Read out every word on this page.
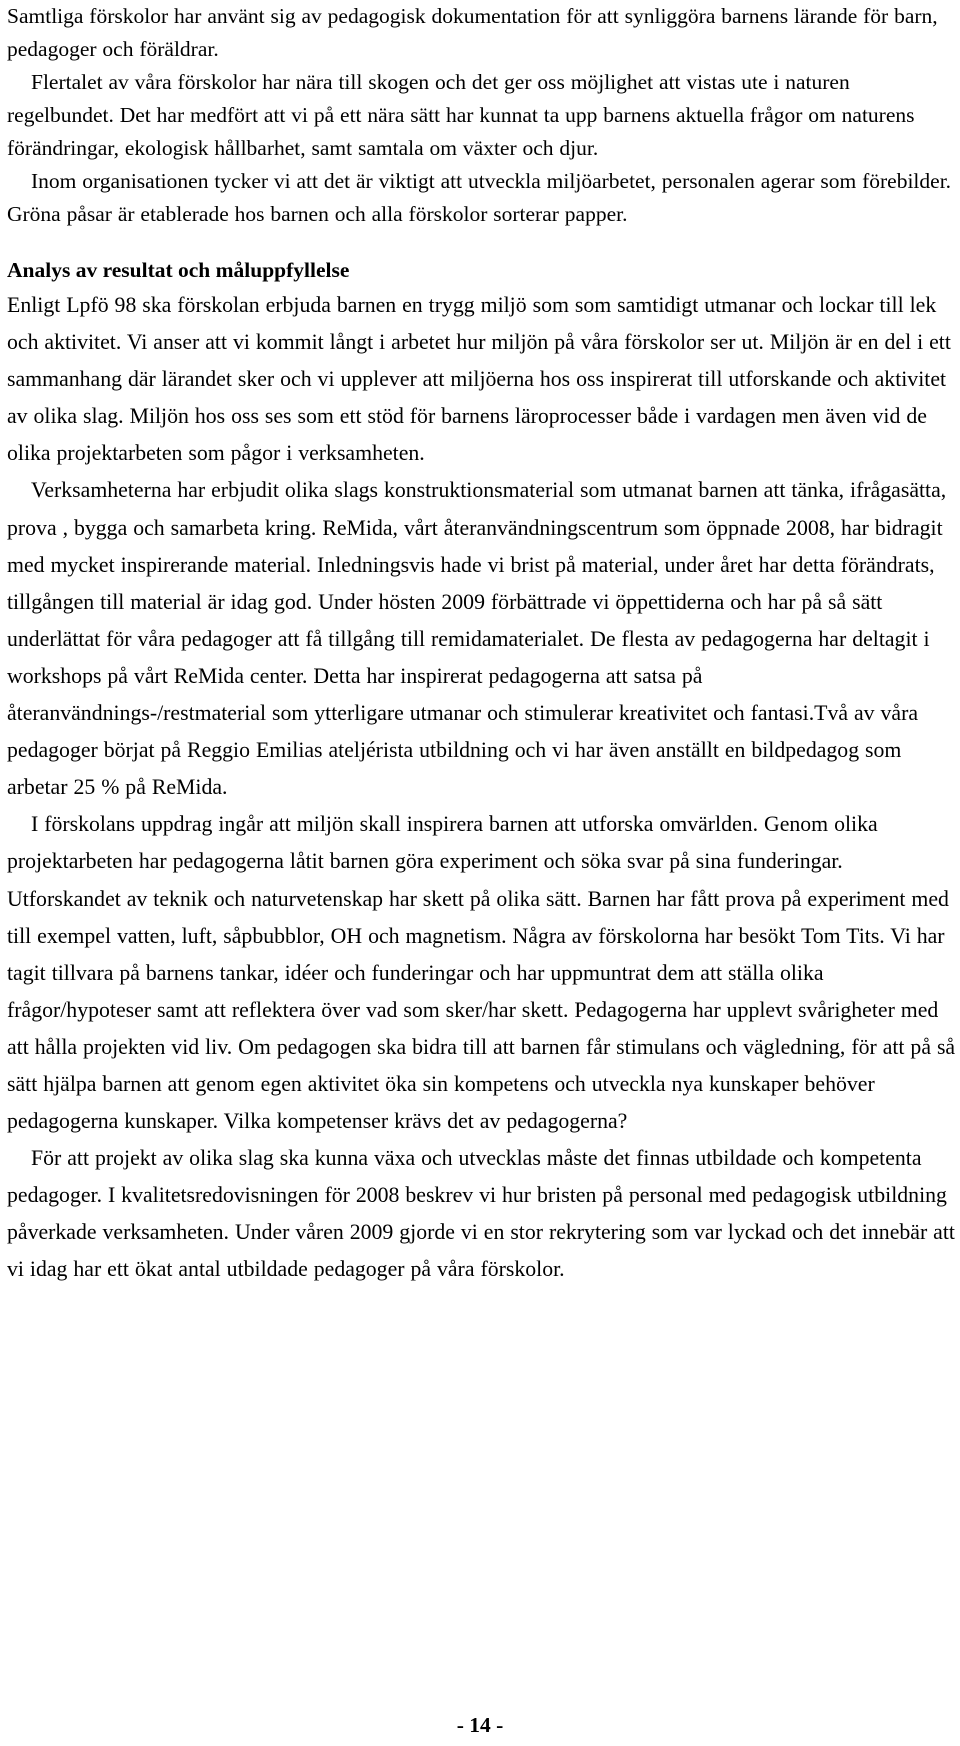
Samtliga förskolor har använt sig av pedagogisk dokumentation för att synliggöra barnens lärande för barn, pedagoger och föräldrar.

Flertalet av våra förskolor har nära till skogen och det ger oss möjlighet att vistas ute i naturen regelbundet. Det har medfört att vi på ett nära sätt har kunnat ta upp barnens aktuella frågor om naturens förändringar, ekologisk hållbarhet, samt samtala om växter och djur.

Inom organisationen tycker vi att det är viktigt att utveckla miljöarbetet, personalen agerar som förebilder. Gröna påsar är etablerade hos barnen och alla förskolor sorterar papper.

Analys av resultat och måluppfyllelse

Enligt Lpfö 98 ska förskolan erbjuda barnen en trygg miljö som som samtidigt utmanar och lockar till lek och aktivitet. Vi anser att vi kommit långt i arbetet hur miljön på våra förskolor ser ut. Miljön är en del i ett sammanhang där lärandet sker och vi upplever att miljöerna hos oss inspirerat till utforskande och aktivitet av olika slag. Miljön hos oss ses som ett stöd för barnens läroprocesser både i vardagen men även vid de olika projektarbeten som pågor i verksamheten.

Verksamheterna har erbjudit olika slags konstruktionsmaterial som utmanat barnen att tänka, ifrågasätta, prova , bygga och samarbeta kring. ReMida, vårt återanvändningscentrum som öppnade 2008, har bidragit med mycket inspirerande material. Inledningsvis hade vi brist på material, under året har detta förändrats, tillgången till material är idag god. Under hösten 2009 förbättrade vi öppettiderna och har på så sätt underlättat för våra pedagoger att få tillgång till remidamaterialet. De flesta av pedagogerna har deltagit i workshops på vårt ReMida center. Detta har inspirerat pedagogerna att satsa på återanvändnings-/restmaterial som ytterligare utmanar och stimulerar kreativitet och fantasi.Två av våra pedagoger börjat på Reggio Emilias ateljérista utbildning och vi har även anställt en bildpedagog som arbetar 25 % på ReMida.

I förskolans uppdrag ingår att miljön skall inspirera barnen att utforska omvärlden. Genom olika projektarbeten har pedagogerna låtit barnen göra experiment och söka svar på sina funderingar. Utforskandet av teknik och naturvetenskap har skett på olika sätt. Barnen har fått prova på experiment med till exempel vatten, luft, såpbubblor, OH och magnetism. Några av förskolorna har besökt Tom Tits. Vi har tagit tillvara på barnens tankar, idéer och funderingar och har uppmuntrat dem att ställa olika frågor/hypoteser samt att reflektera över vad som sker/har skett. Pedagogerna har upplevt svårigheter med att hålla projekten vid liv. Om pedagogen ska bidra till att barnen får stimulans och vägledning, för att på så sätt hjälpa barnen att genom egen aktivitet öka sin kompetens och utveckla nya kunskaper behöver pedagogerna kunskaper. Vilka kompetenser krävs det av pedagogerna?

För att projekt av olika slag ska kunna växa och utvecklas måste det finnas utbildade och kompetenta pedagoger. I kvalitetsredovisningen för 2008 beskrev vi hur bristen på personal med pedagogisk utbildning påverkade verksamheten. Under våren 2009 gjorde vi en stor rekrytering som var lyckad och det innebär att vi idag har ett ökat antal utbildade pedagoger på våra förskolor.

- 14 -
